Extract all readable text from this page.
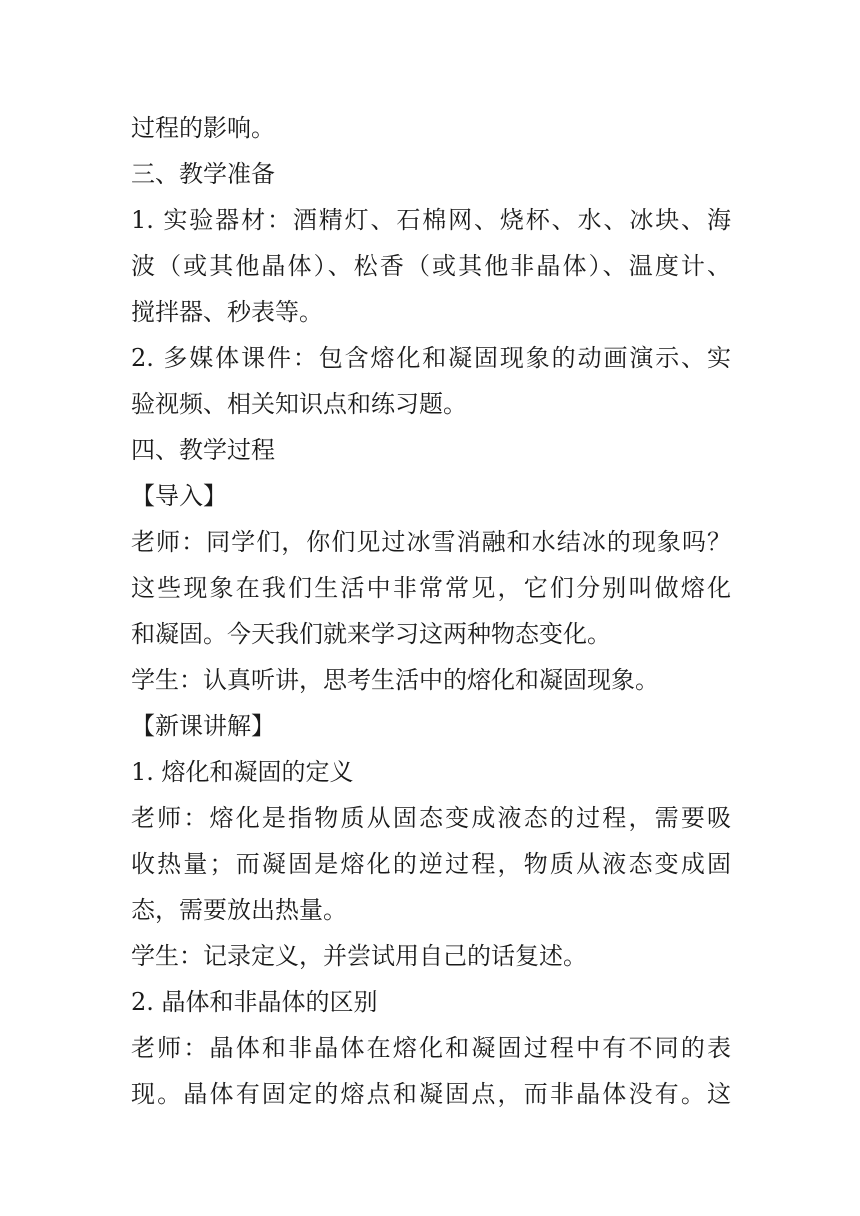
过程的影响。
三、教学准备
1. 实验器材：酒精灯、石棉网、烧杯、水、冰块、海
波（或其他晶体）、松香（或其他非晶体）、温度计、
搅拌器、秒表等。
2. 多媒体课件：包含熔化和凝固现象的动画演示、实
验视频、相关知识点和练习题。
四、教学过程
【导入】
老师：同学们，你们见过冰雪消融和水结冰的现象吗？
这些现象在我们生活中非常常见，它们分别叫做熔化
和凝固。今天我们就来学习这两种物态变化。
学生：认真听讲，思考生活中的熔化和凝固现象。
【新课讲解】
1. 熔化和凝固的定义
老师：熔化是指物质从固态变成液态的过程，需要吸
收热量；而凝固是熔化的逆过程，物质从液态变成固
态，需要放出热量。
学生：记录定义，并尝试用自己的话复述。
2. 晶体和非晶体的区别
老师：晶体和非晶体在熔化和凝固过程中有不同的表
现。晶体有固定的熔点和凝固点，而非晶体没有。这
